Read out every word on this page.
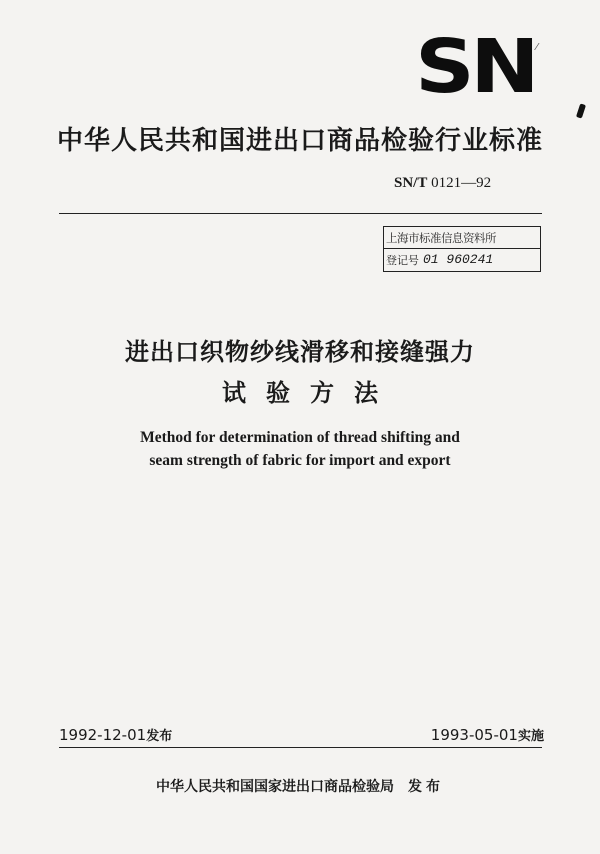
SN ⁄
中华人民共和国进出口商品检验行业标准
SN/T 0121—92
上海市标准信息资料所
登记号 01 960241
进出口织物纱线滑移和接缝强力
试验方法
Method for determination of thread shifting and
seam strength of fabric for import and export
1992-12-01发布	1993-05-01实施
中华人民共和国国家进出口商品检验局 发布
